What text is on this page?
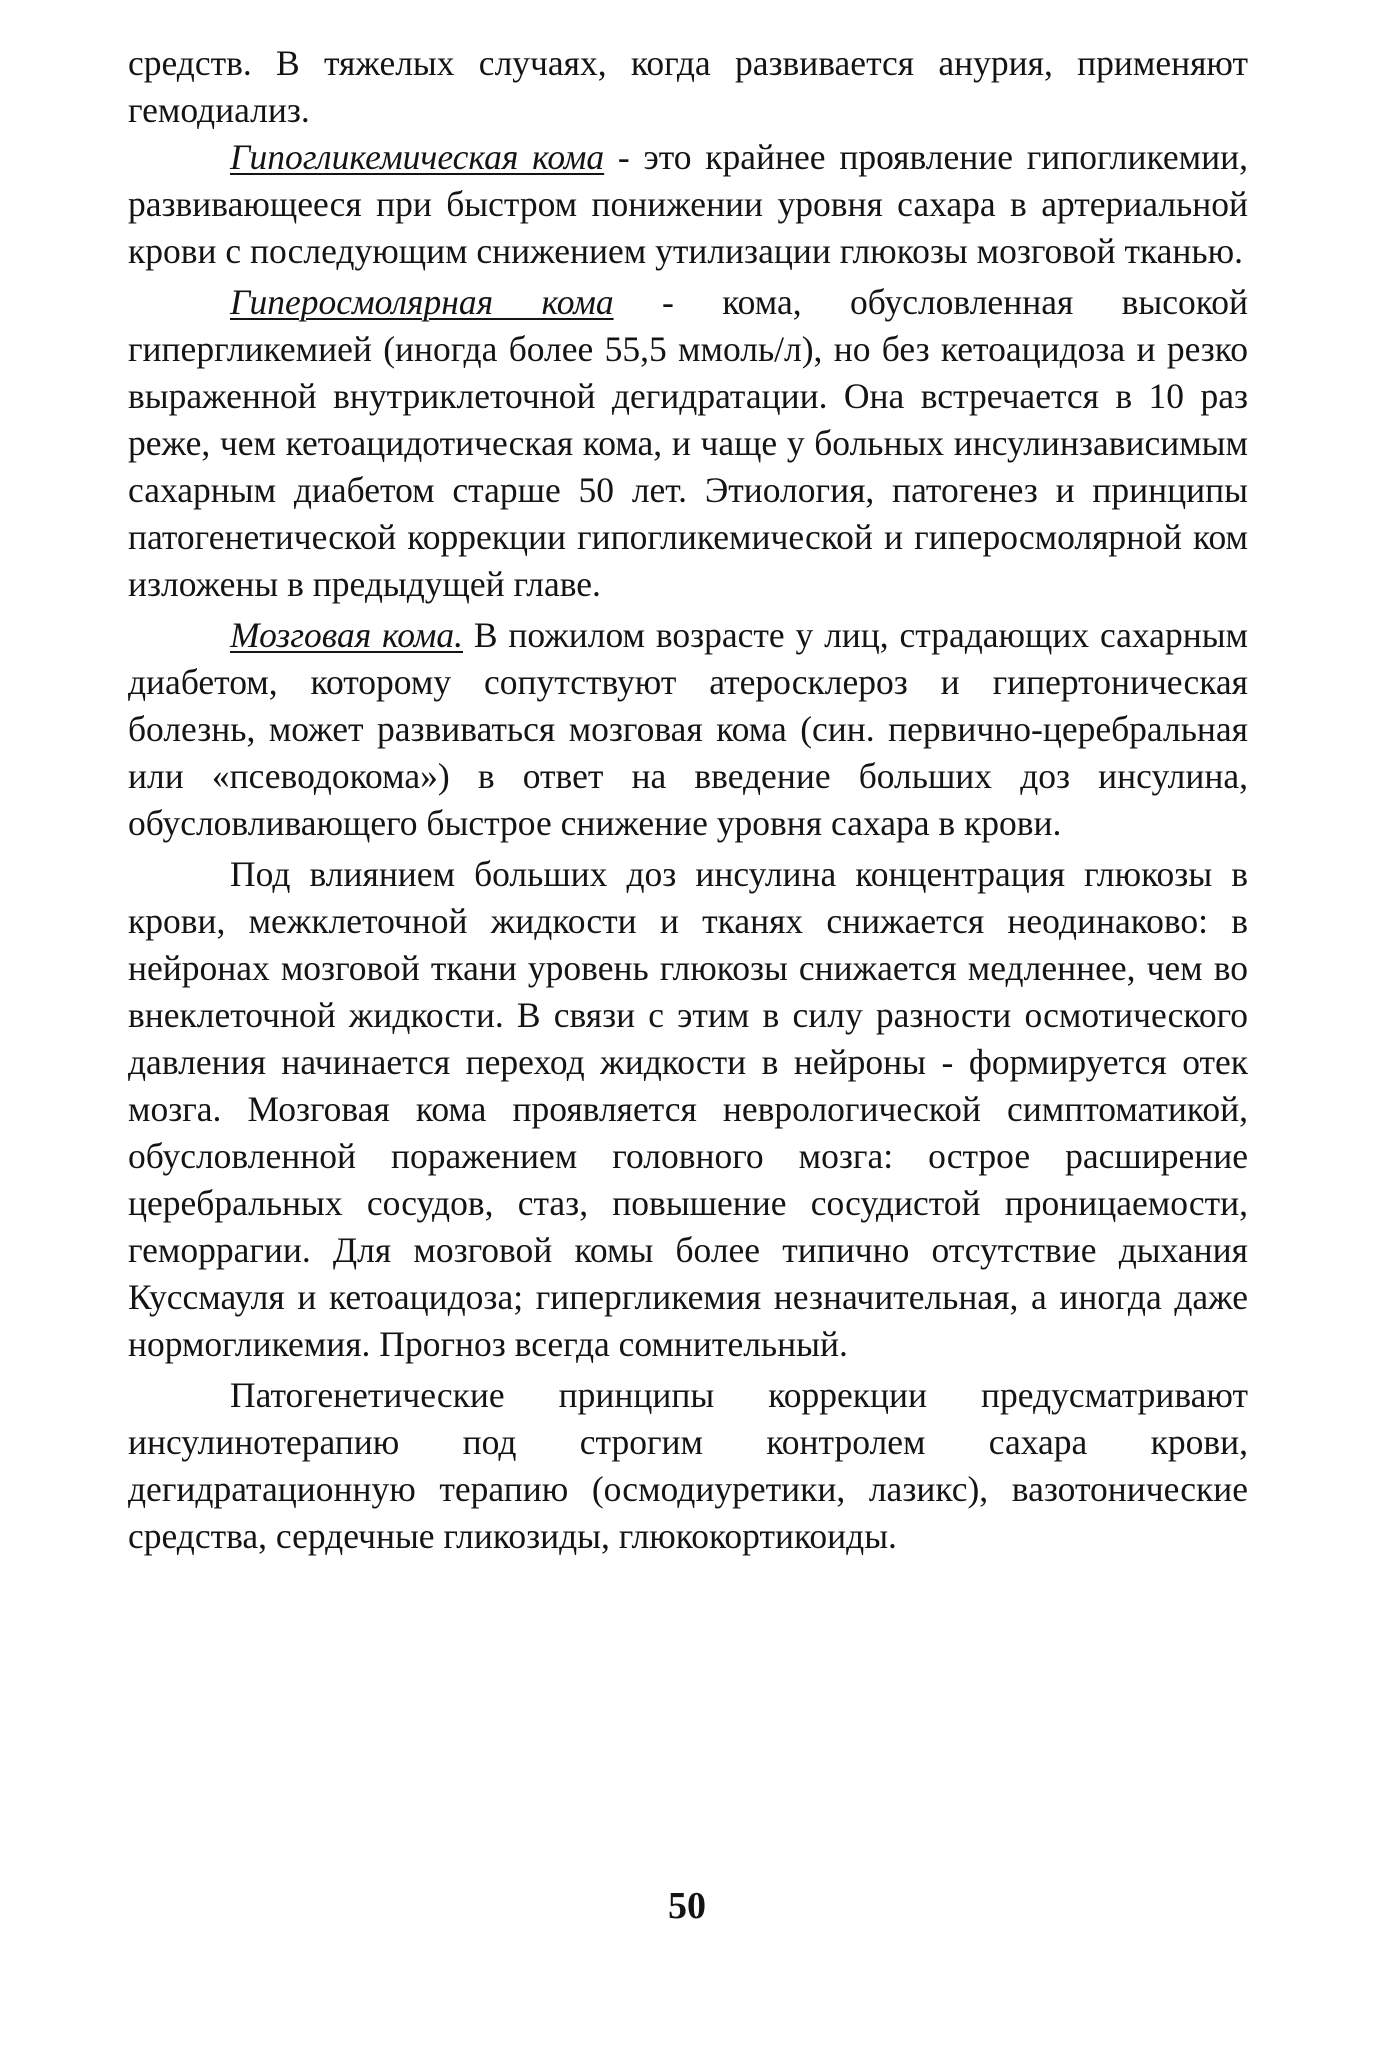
средств. В тяжелых случаях, когда развивается анурия, применяют гемодиализ.

Гипогликемическая кома - это крайнее проявление гипогликемии, развивающееся при быстром понижении уровня сахара в артериальной крови с последующим снижением утилизации глюкозы мозговой тканью.

Гиперосмолярная кома - кома, обусловленная высокой гипергликемией (иногда более 55,5 ммоль/л), но без кетоацидоза и резко выраженной внутриклеточной дегидратации. Она встречается в 10 раз реже, чем кетоацидотическая кома, и чаще у больных инсулинзависимым сахарным диабетом старше 50 лет. Этиология, патогенез и принципы патогенетической коррекции гипогликемической и гиперосмолярной ком изложены в предыдущей главе.

Мозговая кома. В пожилом возрасте у лиц, страдающих сахарным диабетом, которому сопутствуют атеросклероз и гипертоническая болезнь, может развиваться мозговая кома (син. первично-церебральная или «псеводокома») в ответ на введение больших доз инсулина, обусловливающего быстрое снижение уровня сахара в крови.

Под влиянием больших доз инсулина концентрация глюкозы в крови, межклеточной жидкости и тканях снижается неодинаково: в нейронах мозговой ткани уровень глюкозы снижается медленнее, чем во внеклеточной жидкости. В связи с этим в силу разности осмотического давления начинается переход жидкости в нейроны - формируется отек мозга. Мозговая кома проявляется неврологической симптоматикой, обусловленной поражением головного мозга: острое расширение церебральных сосудов, стаз, повышение сосудистой проницаемости, геморрагии. Для мозговой комы более типично отсутствие дыхания Куссмауля и кетоацидоза; гипергликемия незначительная, а иногда даже нормогликемия. Прогноз всегда сомнительный.

Патогенетические принципы коррекции предусматривают инсулинотерапию под строгим контролем сахара крови, дегидратационную терапию (осмодиуретики, лазикс), вазотонические средства, сердечные гликозиды, глюкокортикоиды.

50
